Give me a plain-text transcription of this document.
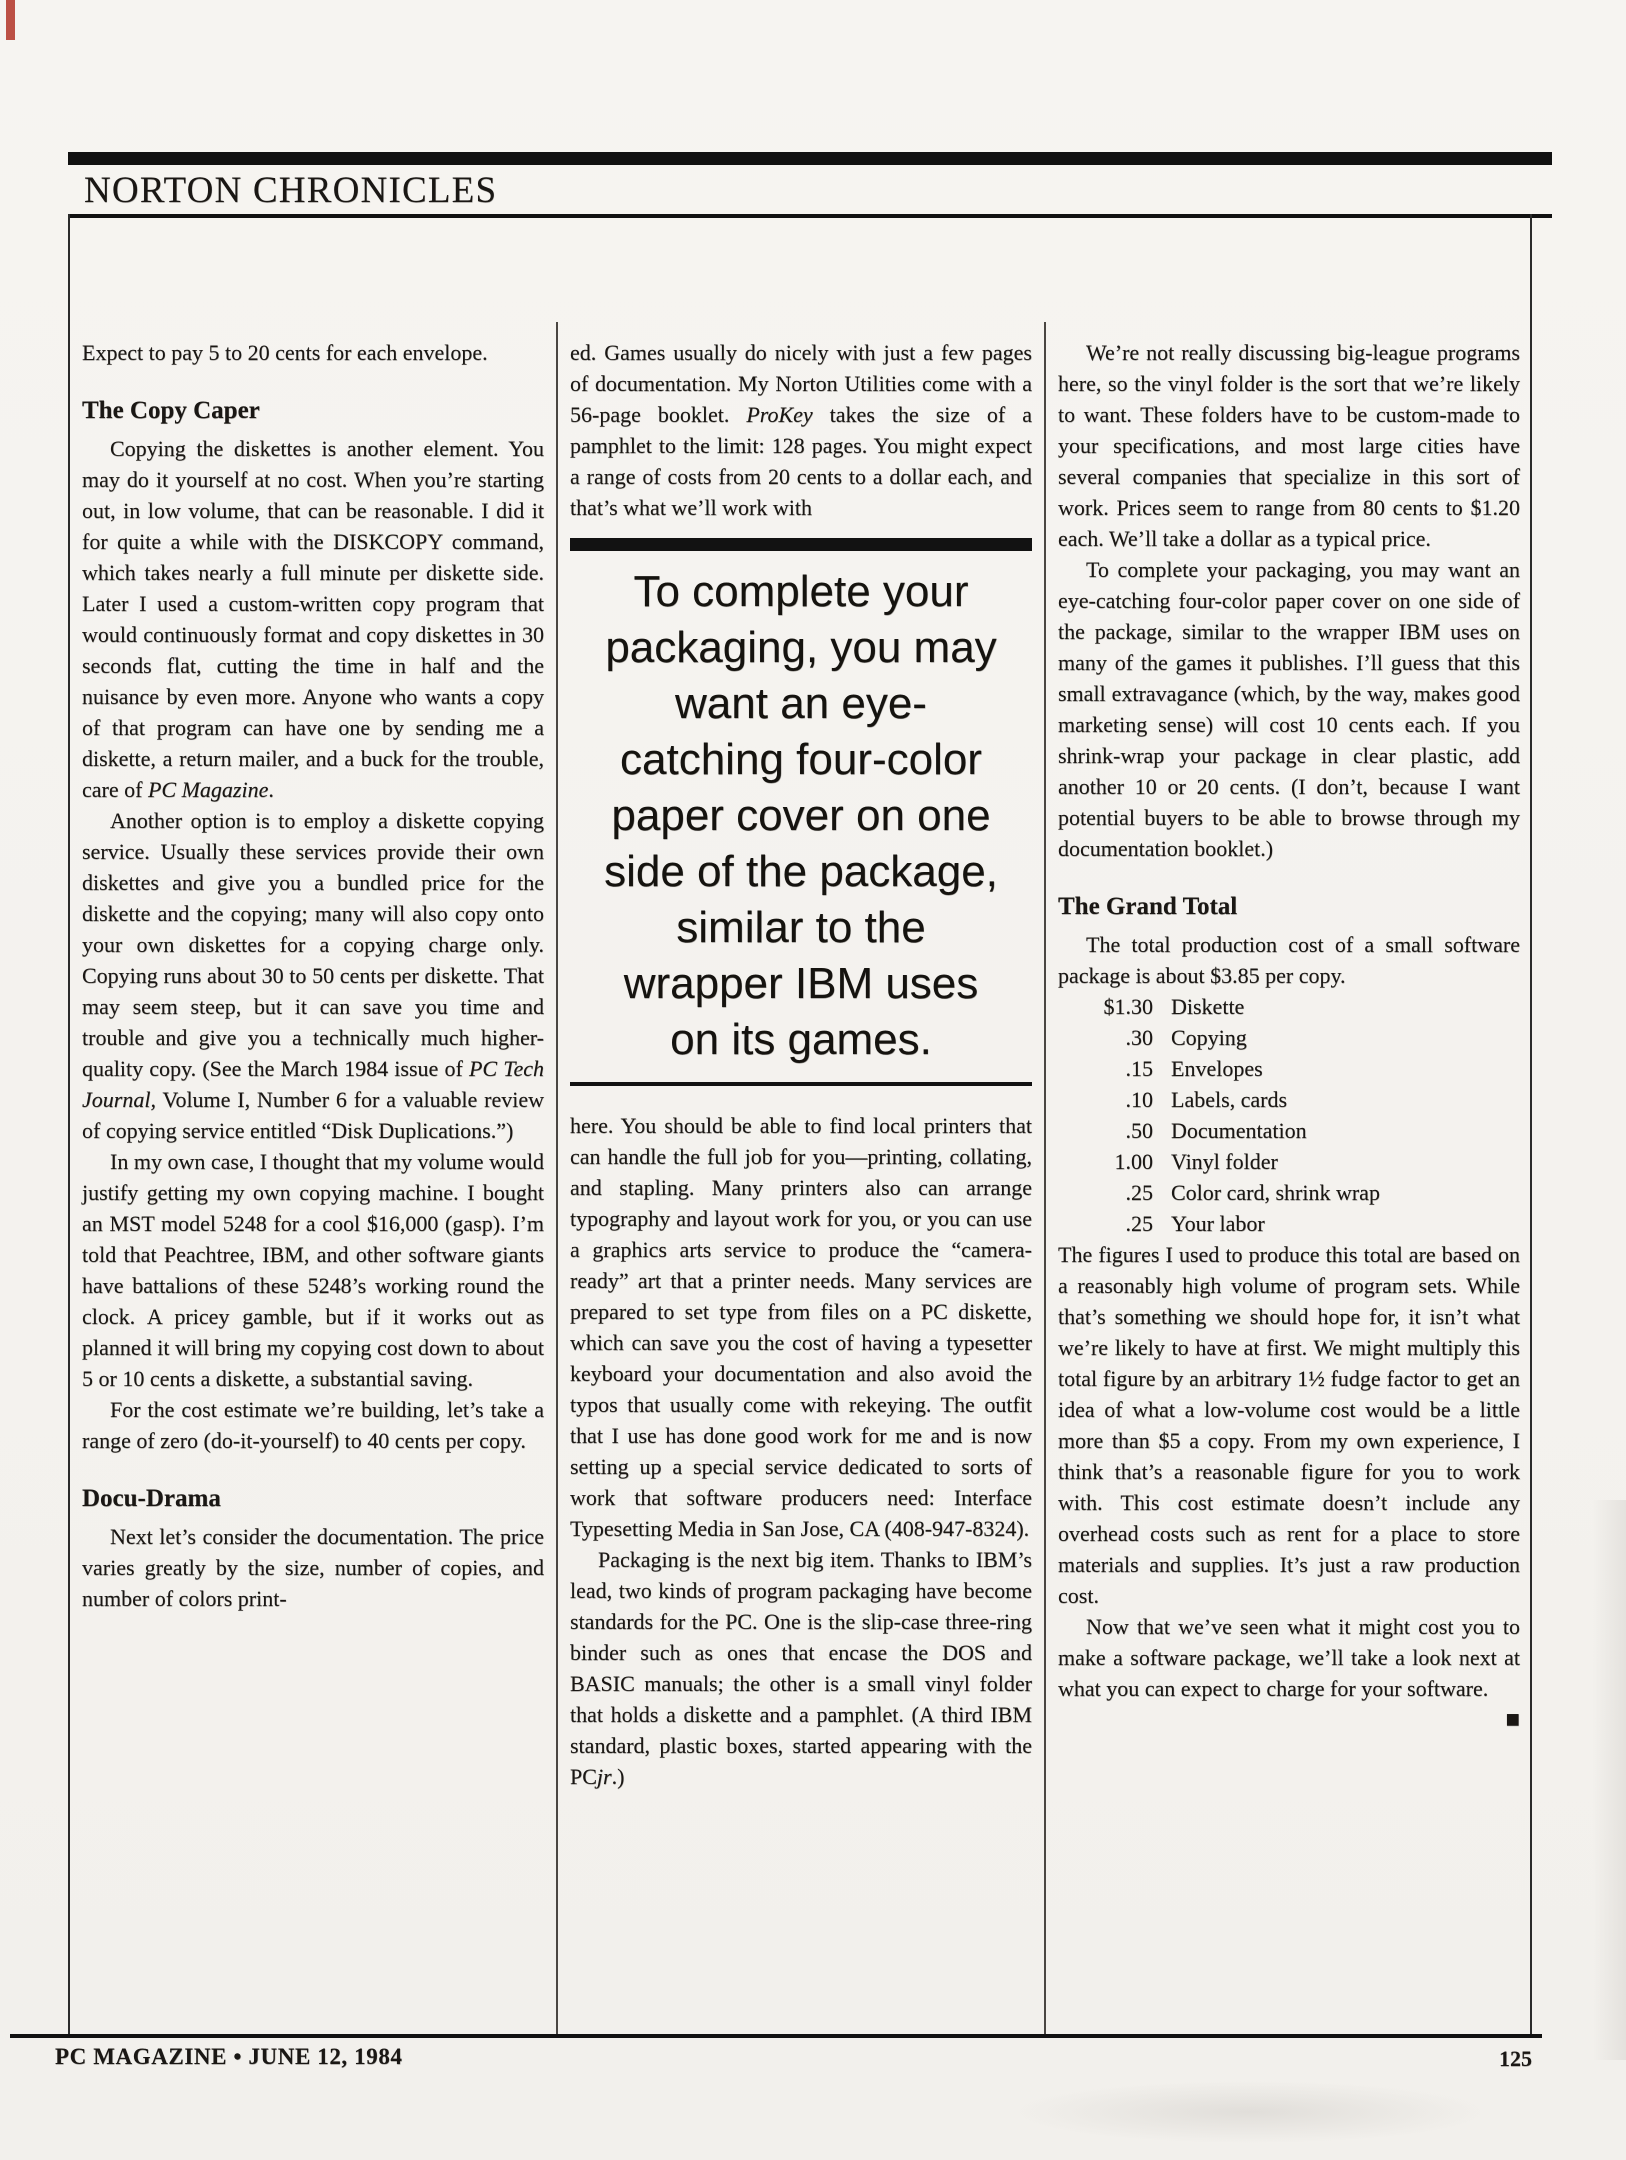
NORTON CHRONICLES

Expect to pay 5 to 20 cents for each envelope.

The Copy Caper

Copying the diskettes is another element. You may do it yourself at no cost. When you’re starting out, in low volume, that can be reasonable. I did it for quite a while with the DISKCOPY command, which takes nearly a full minute per diskette side. Later I used a custom-written copy program that would continuously format and copy diskettes in 30 seconds flat, cutting the time in half and the nuisance by even more. Anyone who wants a copy of that program can have one by sending me a diskette, a return mailer, and a buck for the trouble, care of PC Magazine.

Another option is to employ a diskette copying service. Usually these services provide their own diskettes and give you a bundled price for the diskette and the copying; many will also copy onto your own diskettes for a copying charge only. Copying runs about 30 to 50 cents per diskette. That may seem steep, but it can save you time and trouble and give you a technically much higher-quality copy. (See the March 1984 issue of PC Tech Journal, Volume I, Number 6 for a valuable review of copying service entitled “Disk Duplications.”)

In my own case, I thought that my volume would justify getting my own copying machine. I bought an MST model 5248 for a cool $16,000 (gasp). I’m told that Peachtree, IBM, and other software giants have battalions of these 5248’s working round the clock. A pricey gamble, but if it works out as planned it will bring my copying cost down to about 5 or 10 cents a diskette, a substantial saving.

For the cost estimate we’re building, let’s take a range of zero (do-it-yourself) to 40 cents per copy.

Docu-Drama

Next let’s consider the documentation. The price varies greatly by the size, number of copies, and number of colors print-

ed. Games usually do nicely with just a few pages of documentation. My Norton Utilities come with a 56-page booklet. ProKey takes the size of a pamphlet to the limit: 128 pages. You might expect a range of costs from 20 cents to a dollar each, and that’s what we’ll work with

To complete your
packaging, you may
want an eye-
catching four-color
paper cover on one
side of the package,
similar to the
wrapper IBM uses
on its games.

here. You should be able to find local printers that can handle the full job for you—printing, collating, and stapling. Many printers also can arrange typography and layout work for you, or you can use a graphics arts service to produce the “camera-ready” art that a printer needs. Many services are prepared to set type from files on a PC diskette, which can save you the cost of having a typesetter keyboard your documentation and also avoid the typos that usually come with rekeying. The outfit that I use has done good work for me and is now setting up a special service dedicated to sorts of work that software producers need: Interface Typesetting Media in San Jose, CA (408-947-8324).

Packaging is the next big item. Thanks to IBM’s lead, two kinds of program packaging have become standards for the PC. One is the slip-case three-ring binder such as ones that encase the DOS and BASIC manuals; the other is a small vinyl folder that holds a diskette and a pamphlet. (A third IBM standard, plastic boxes, started appearing with the PCjr.)

We’re not really discussing big-league programs here, so the vinyl folder is the sort that we’re likely to want. These folders have to be custom-made to your specifications, and most large cities have several companies that specialize in this sort of work. Prices seem to range from 80 cents to $1.20 each. We’ll take a dollar as a typical price.

To complete your packaging, you may want an eye-catching four-color paper cover on one side of the package, similar to the wrapper IBM uses on many of the games it publishes. I’ll guess that this small extravagance (which, by the way, makes good marketing sense) will cost 10 cents each. If you shrink-wrap your package in clear plastic, add another 10 or 20 cents. (I don’t, because I want potential buyers to be able to browse through my documentation booklet.)

The Grand Total

The total production cost of a small software package is about $3.85 per copy.

$1.30 Diskette
.30 Copying
.15 Envelopes
.10 Labels, cards
.50 Documentation
1.00 Vinyl folder
.25 Color card, shrink wrap
.25 Your labor

The figures I used to produce this total are based on a reasonably high volume of program sets. While that’s something we should hope for, it isn’t what we’re likely to have at first. We might multiply this total figure by an arbitrary 1½ fudge factor to get an idea of what a low-volume cost would be a little more than $5 a copy. From my own experience, I think that’s a reasonable figure for you to work with. This cost estimate doesn’t include any overhead costs such as rent for a place to store materials and supplies. It’s just a raw production cost.

Now that we’ve seen what it might cost you to make a software package, we’ll take a look next at what you can expect to charge for your software.
■

PC MAGAZINE • JUNE 12, 1984	125
